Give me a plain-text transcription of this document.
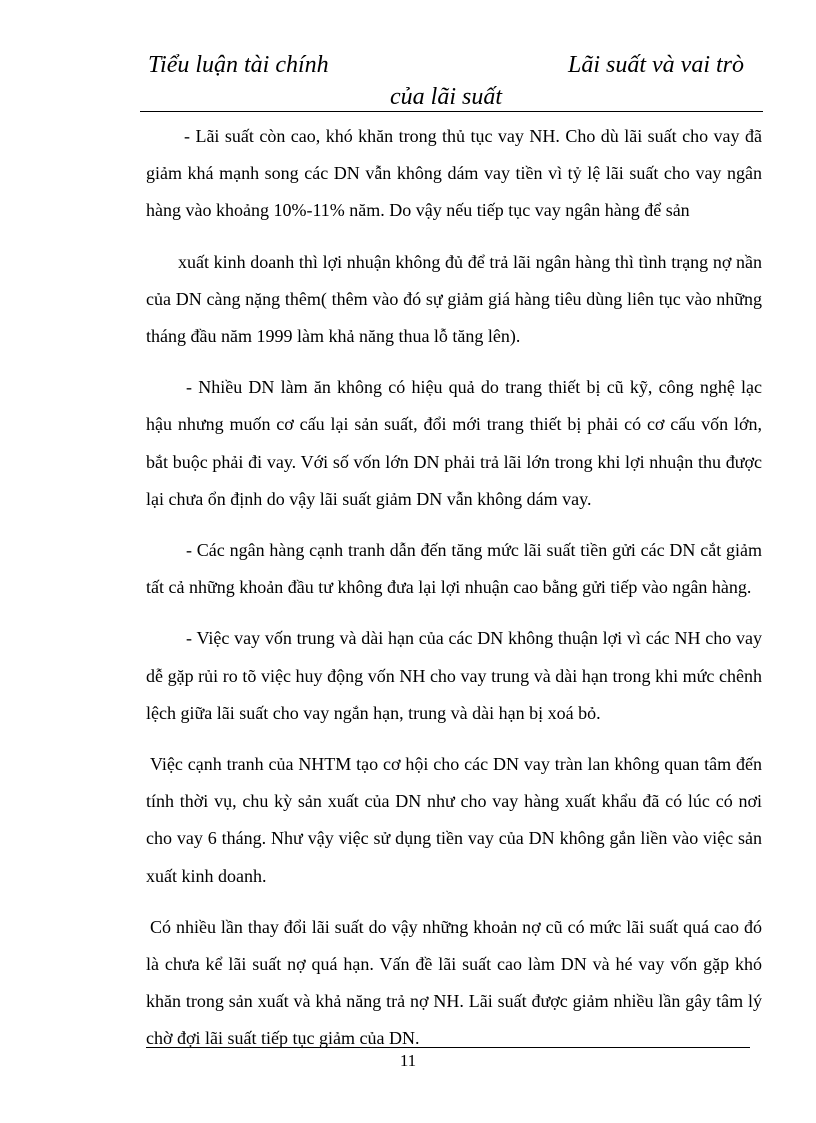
Tiểu luận tài chính	Lãi suất và vai trò
của lãi suất

- Lãi suất còn cao, khó khăn trong thủ tục vay NH. Cho dù lãi suất cho vay đã giảm khá mạnh song các DN vẫn không dám vay tiền vì tỷ lệ lãi suất cho vay ngân hàng vào khoảng 10%-11% năm. Do vậy nếu tiếp tục vay ngân hàng để sản

xuất kinh doanh thì lợi nhuận không đủ để trả lãi ngân hàng thì tình trạng nợ nần của DN càng nặng thêm( thêm vào đó sự giảm giá hàng tiêu dùng liên tục vào những tháng đầu năm 1999 làm khả năng thua lỗ tăng lên).

- Nhiều DN làm ăn không có hiệu quả do trang thiết bị cũ kỹ, công nghệ lạc hậu nhưng muốn cơ cấu lại sản suất, đổi mới trang thiết bị phải có cơ cấu vốn lớn, bắt buộc phải đi vay. Với số vốn lớn DN phải trả lãi lớn trong khi lợi nhuận thu được lại chưa ổn định do vậy lãi suất giảm DN vẫn không dám vay.

- Các ngân hàng cạnh tranh dẫn đến tăng mức lãi suất tiền gửi các DN cắt giảm tất cả những khoản đầu tư không đưa lại lợi nhuận cao bằng gửi tiếp vào ngân hàng.

- Việc vay vốn trung và dài hạn của các DN không thuận lợi vì các NH cho vay dễ gặp rủi ro tõ việc huy động vốn NH cho vay trung và dài hạn trong khi mức chênh lệch giữa lãi suất cho vay ngắn hạn, trung và dài hạn bị xoá bỏ.

Việc cạnh tranh của NHTM tạo cơ hội cho các DN vay tràn lan không quan tâm đến tính thời vụ, chu kỳ sản xuất của DN như cho vay hàng xuất khẩu đã có lúc có nơi cho vay 6 tháng. Như vậy việc sử dụng tiền vay của DN không gắn liền vào việc sản xuất kinh doanh.

Có nhiều lần thay đổi lãi suất do vậy những khoản nợ cũ có mức lãi suất quá cao đó là chưa kể lãi suất nợ quá hạn. Vấn đề lãi suất cao làm DN và hé vay vốn gặp khó khăn trong sản xuất và khả năng trả nợ NH. Lãi suất được giảm nhiều lần gây tâm lý chờ đợi lãi suất tiếp tục giảm của DN.

11
